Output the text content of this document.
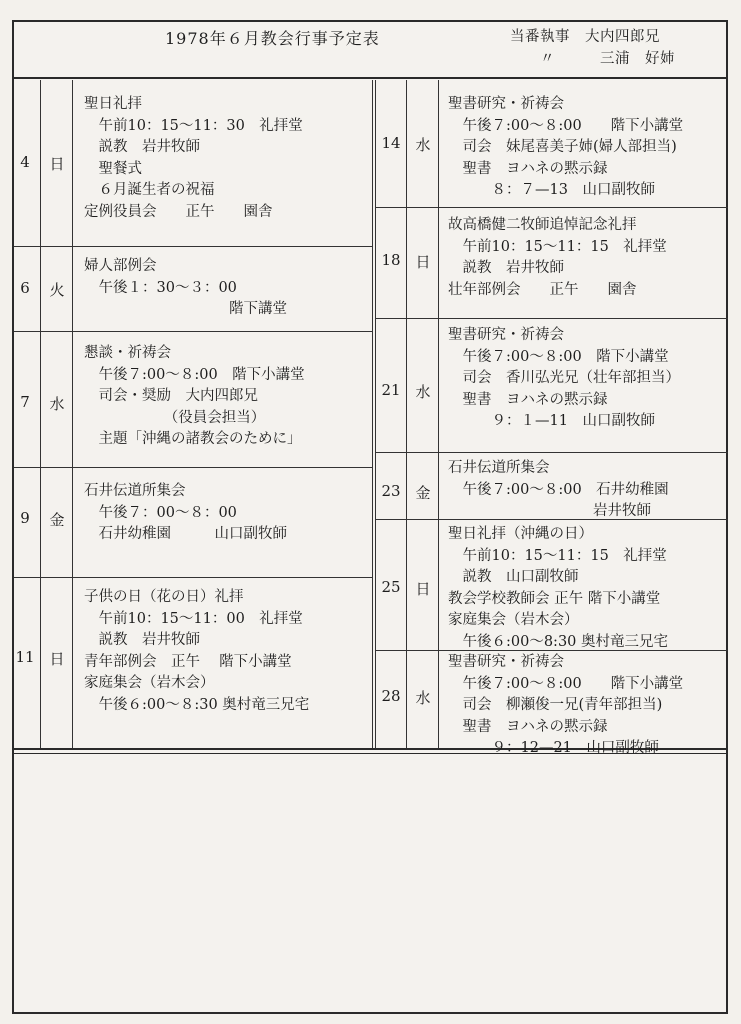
1978年６月教会行事予定表	当番執事　大内四郎兄
〃　　　三浦　好姉
4	日
聖日礼拝
　午前10：15～11：30　礼拝堂
　説教　岩井牧師
　聖餐式
　６月誕生者の祝福
定例役員会　　正午　　園舎
6	火
婦人部例会
　午後１：30～３：00
　　　　　　　　　　階下講堂
7	水
懇談・祈祷会
　午後７:00～８:00　階下小講堂
　司会・奨励　大内四郎兄
　　　　　　（役員会担当）
　主題「沖縄の諸教会のために」
9	金
石井伝道所集会
　午後７：00～８：00
　石井幼稚園　　　山口副牧師
11 日
子供の日（花の日）礼拝
　午前10：15～11：00　礼拝堂
　説教　岩井牧師
青年部例会　正午　 階下小講堂
家庭集会（岩木会）
　午後６:00～８:30 奥村竜三兄宅
14 水
聖書研究・祈祷会
　午後７:00～８:00　　階下小講堂
　司会　妹尾喜美子姉(婦人部担当)
　聖書　ヨハネの黙示録
　　　８：７—13　山口副牧師
18 日
故高橋健二牧師追悼記念礼拝
　午前10：15～11：15　礼拝堂
　説教　岩井牧師
壮年部例会　　正午　　園舎
21 水
聖書研究・祈祷会
　午後７:00～８:00　階下小講堂
　司会　香川弘光兄（壮年部担当）
　聖書　ヨハネの黙示録
　　　９：１—11　山口副牧師
23 金
石井伝道所集会
　午後７:00～８:00　石井幼稚園
　　　　　　　　　　岩井牧師
25 日
聖日礼拝（沖縄の日）
　午前10：15～11：15　礼拝堂
　説教　山口副牧師
教会学校教師会 正午 階下小講堂
家庭集会（岩木会）
　午後６:00～8:30 奥村竜三兄宅
28 水
聖書研究・祈祷会
　午後７:00～８:00　　階下小講堂
　司会　柳瀬俊一兄(青年部担当)
　聖書　ヨハネの黙示録
　　　９：12—21　山口副牧師
